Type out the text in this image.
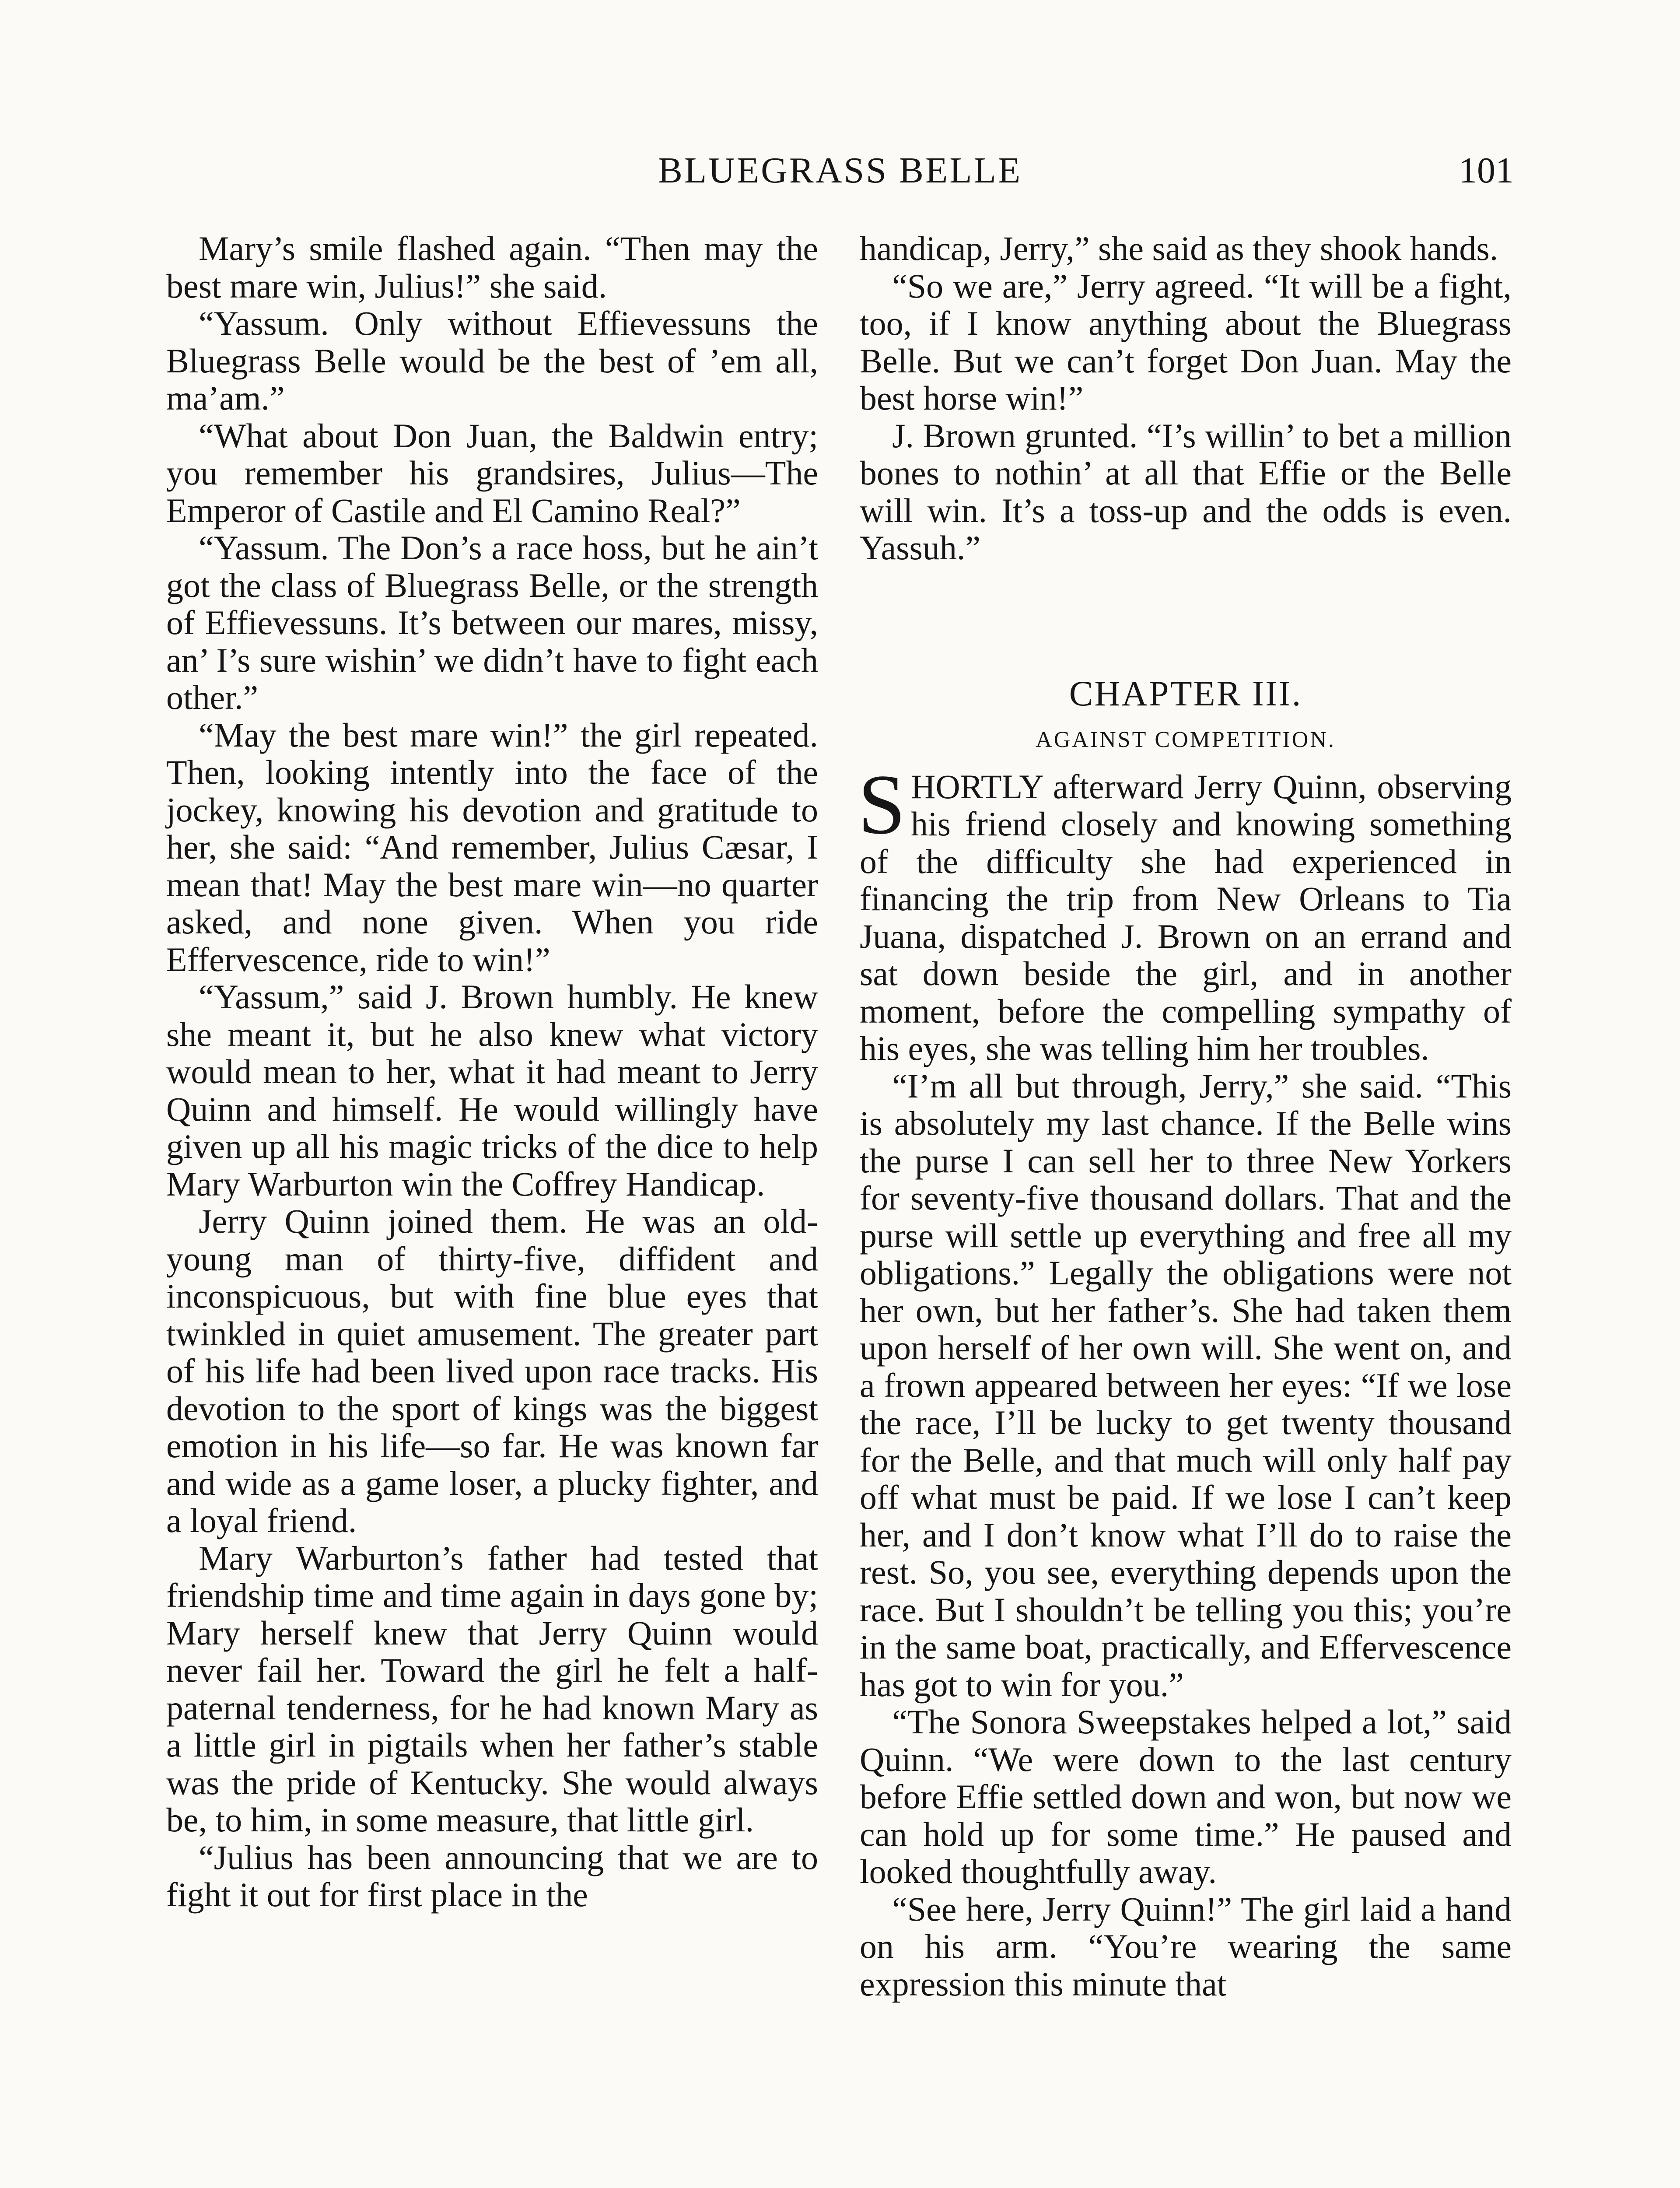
BLUEGRASS BELLE	101

Mary’s smile flashed again. “Then may the best mare win, Julius!” she said.

“Yassum. Only without Effievessuns the Bluegrass Belle would be the best of ’em all, ma’am.”

“What about Don Juan, the Baldwin entry; you remember his grandsires, Julius—The Emperor of Castile and El Camino Real?”

“Yassum. The Don’s a race hoss, but he ain’t got the class of Bluegrass Belle, or the strength of Effievessuns. It’s between our mares, missy, an’ I’s sure wishin’ we didn’t have to fight each other.”

“May the best mare win!” the girl repeated. Then, looking intently into the face of the jockey, knowing his devotion and gratitude to her, she said: “And remember, Julius Cæsar, I mean that! May the best mare win—no quarter asked, and none given. When you ride Effervescence, ride to win!”

“Yassum,” said J. Brown humbly. He knew she meant it, but he also knew what victory would mean to her, what it had meant to Jerry Quinn and himself. He would willingly have given up all his magic tricks of the dice to help Mary Warburton win the Coffrey Handicap.

Jerry Quinn joined them. He was an old-young man of thirty-five, diffident and inconspicuous, but with fine blue eyes that twinkled in quiet amusement. The greater part of his life had been lived upon race tracks. His devotion to the sport of kings was the biggest emotion in his life—so far. He was known far and wide as a game loser, a plucky fighter, and a loyal friend.

Mary Warburton’s father had tested that friendship time and time again in days gone by; Mary herself knew that Jerry Quinn would never fail her. Toward the girl he felt a half-paternal tenderness, for he had known Mary as a little girl in pigtails when her father’s stable was the pride of Kentucky. She would always be, to him, in some measure, that little girl.

“Julius has been announcing that we are to fight it out for first place in the

handicap, Jerry,” she said as they shook hands.

“So we are,” Jerry agreed. “It will be a fight, too, if I know anything about the Bluegrass Belle. But we can’t forget Don Juan. May the best horse win!”

J. Brown grunted. “I’s willin’ to bet a million bones to nothin’ at all that Effie or the Belle will win. It’s a toss-up and the odds is even. Yassuh.”

CHAPTER III.
AGAINST COMPETITION.

SHORTLY afterward Jerry Quinn, observing his friend closely and knowing something of the difficulty she had experienced in financing the trip from New Orleans to Tia Juana, dispatched J. Brown on an errand and sat down beside the girl, and in another moment, before the compelling sympathy of his eyes, she was telling him her troubles.

“I’m all but through, Jerry,” she said. “This is absolutely my last chance. If the Belle wins the purse I can sell her to three New Yorkers for seventy-five thousand dollars. That and the purse will settle up everything and free all my obligations.” Legally the obligations were not her own, but her father’s. She had taken them upon herself of her own will. She went on, and a frown appeared between her eyes: “If we lose the race, I’ll be lucky to get twenty thousand for the Belle, and that much will only half pay off what must be paid. If we lose I can’t keep her, and I don’t know what I’ll do to raise the rest. So, you see, everything depends upon the race. But I shouldn’t be telling you this; you’re in the same boat, practically, and Effervescence has got to win for you.”

“The Sonora Sweepstakes helped a lot,” said Quinn. “We were down to the last century before Effie settled down and won, but now we can hold up for some time.” He paused and looked thoughtfully away.

“See here, Jerry Quinn!” The girl laid a hand on his arm. “You’re wearing the same expression this minute that
